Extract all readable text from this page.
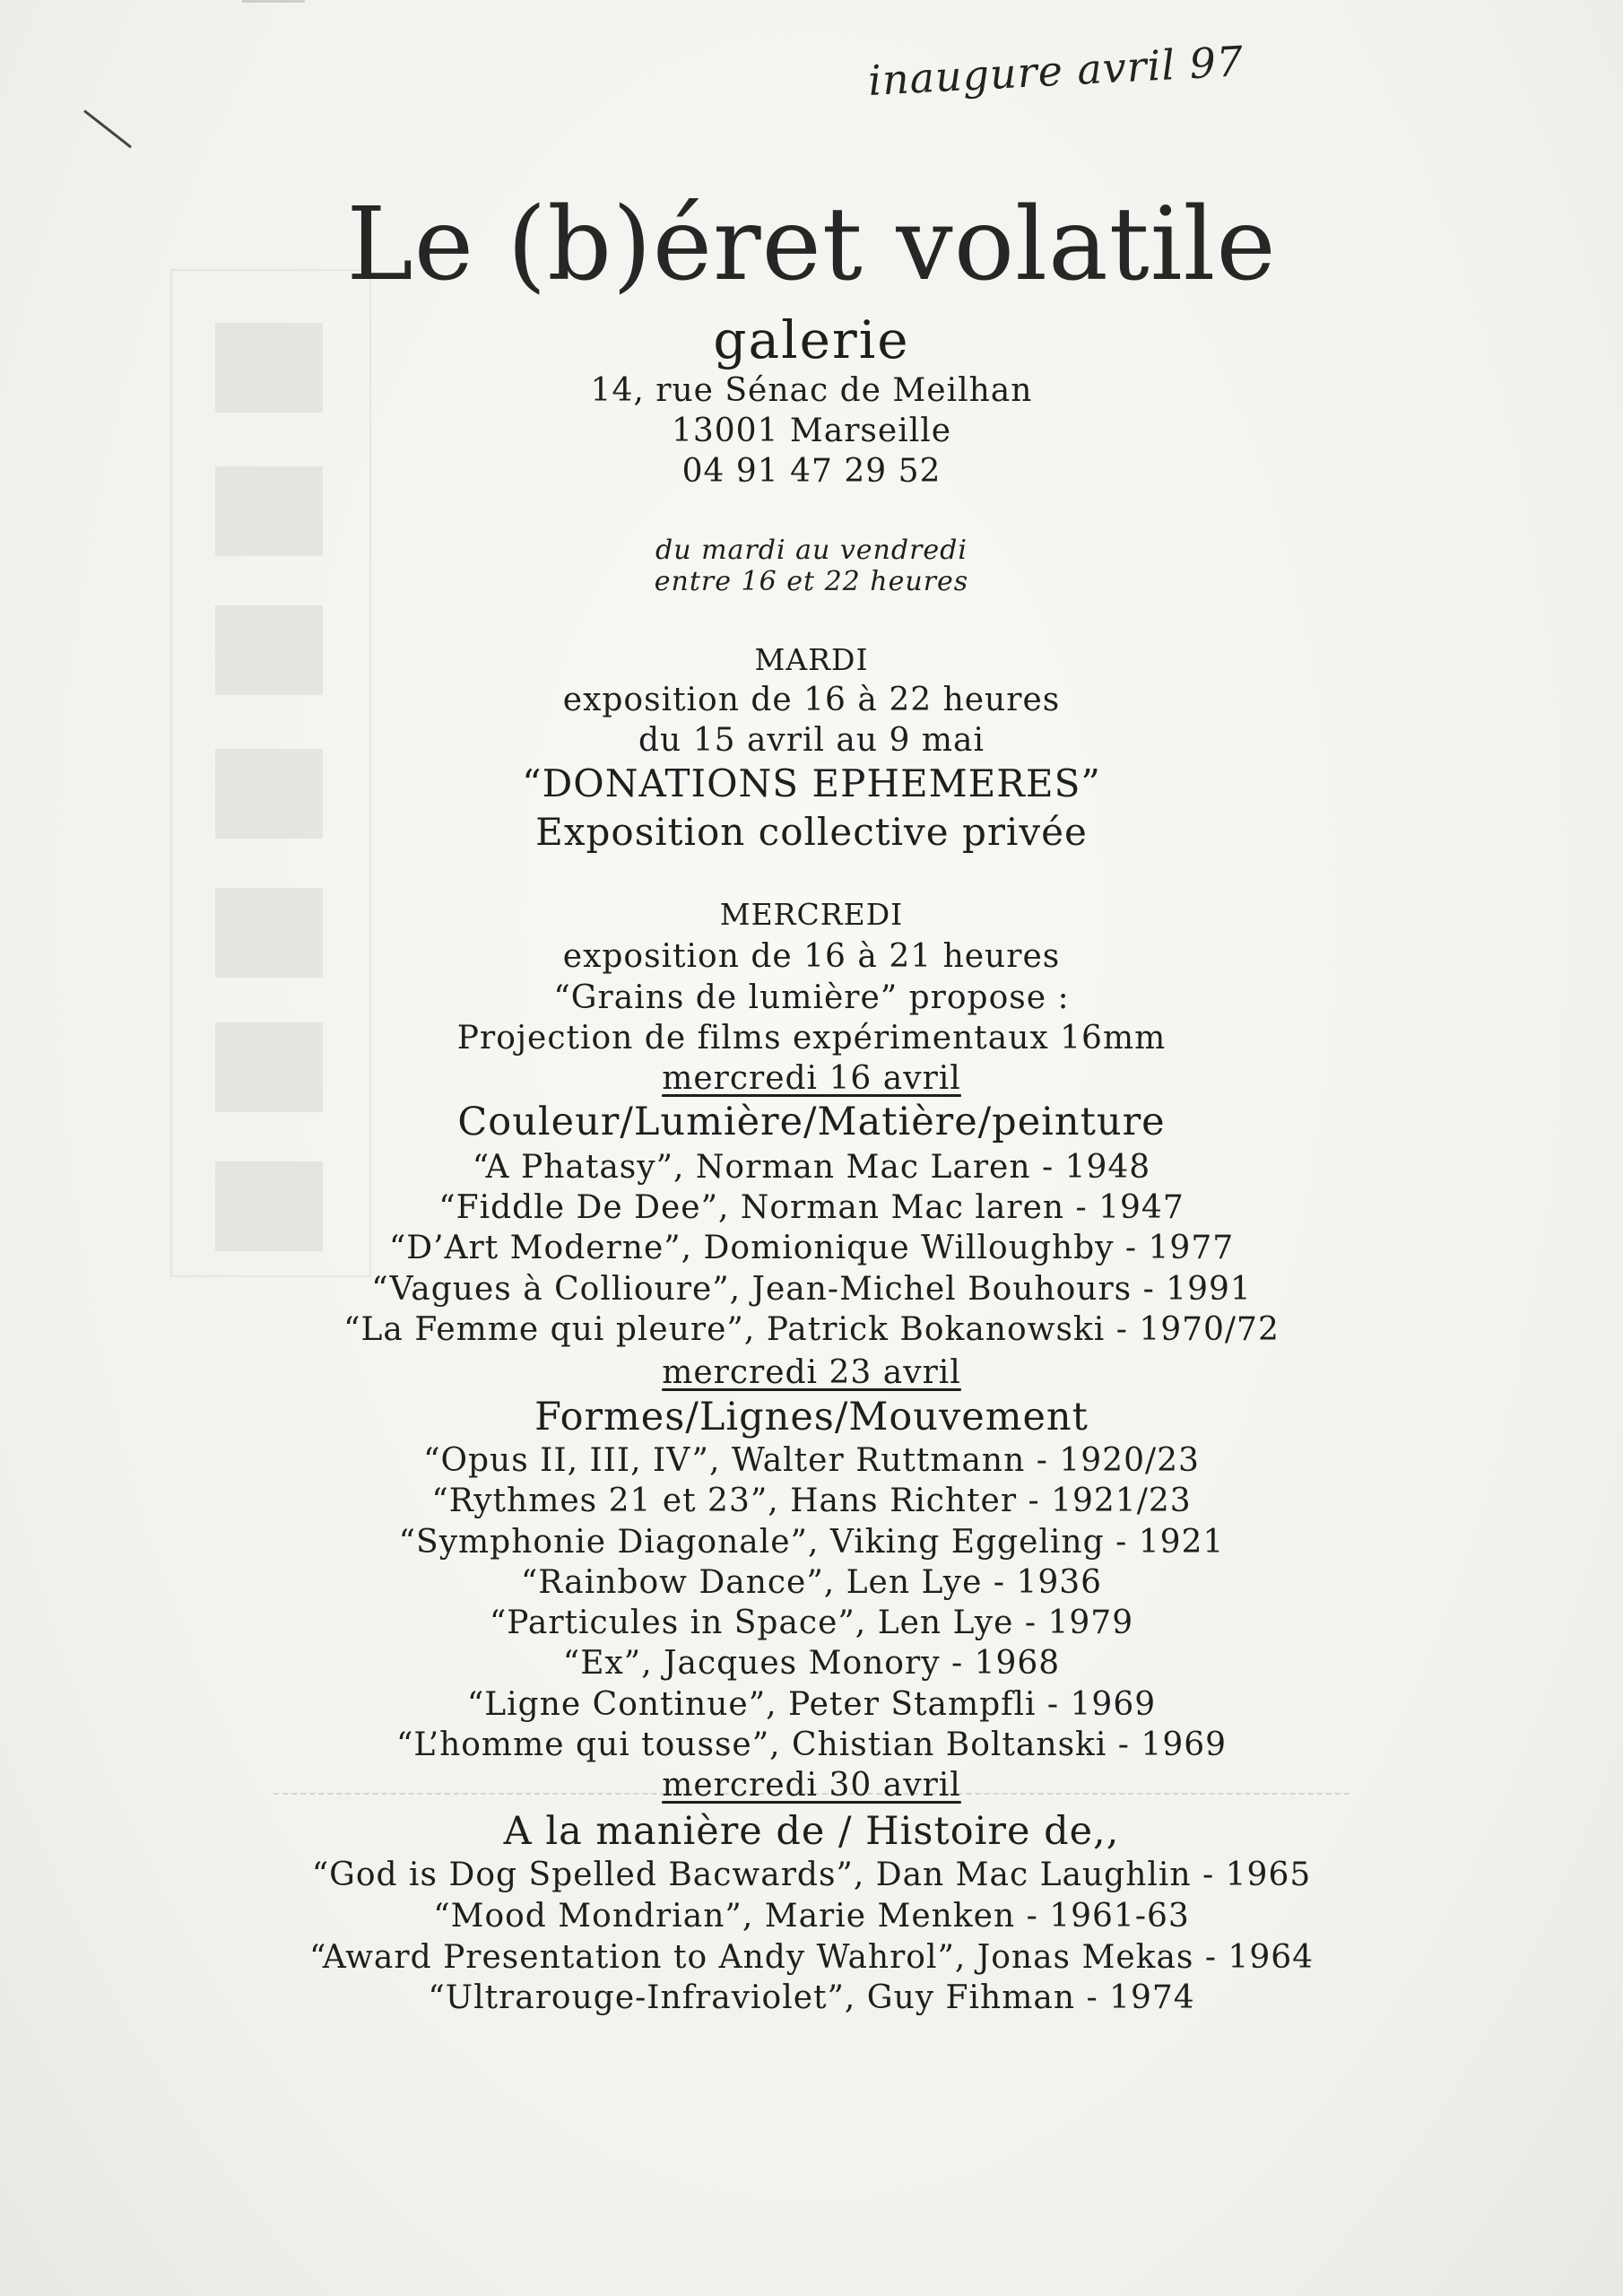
inaugure avril 97
Le (b)éret volatile
galerie
14, rue Sénac de Meilhan
13001 Marseille
04 91 47 29 52
du mardi au vendredi
entre 16 et 22 heures
MARDI
exposition de 16 à 22 heures
du 15 avril au 9 mai
“DONATIONS EPHEMERES”
Exposition collective privée
MERCREDI
exposition de 16 à 21 heures
“Grains de lumière” propose :
Projection de films expérimentaux 16mm
mercredi 16 avril
Couleur/Lumière/Matière/peinture
“A Phatasy”, Norman Mac Laren - 1948
“Fiddle De Dee”, Norman Mac laren - 1947
“D’Art Moderne”, Domionique Willoughby - 1977
“Vagues à Collioure”, Jean-Michel Bouhours - 1991
“La Femme qui pleure”, Patrick Bokanowski - 1970/72
mercredi 23 avril
Formes/Lignes/Mouvement
“Opus II, III, IV”, Walter Ruttmann - 1920/23
“Rythmes 21 et 23”, Hans Richter - 1921/23
“Symphonie Diagonale”, Viking Eggeling - 1921
“Rainbow Dance”, Len Lye - 1936
“Particules in Space”, Len Lye - 1979
“Ex”, Jacques Monory - 1968
“Ligne Continue”, Peter Stampfli - 1969
“L’homme qui tousse”, Chistian Boltanski - 1969
mercredi 30 avril
A la manière de / Histoire de,,
“God is Dog Spelled Bacwards”, Dan Mac Laughlin - 1965
“Mood Mondrian”, Marie Menken - 1961-63
“Award Presentation to Andy Wahrol”, Jonas Mekas - 1964
“Ultrarouge-Infraviolet”, Guy Fihman - 1974
